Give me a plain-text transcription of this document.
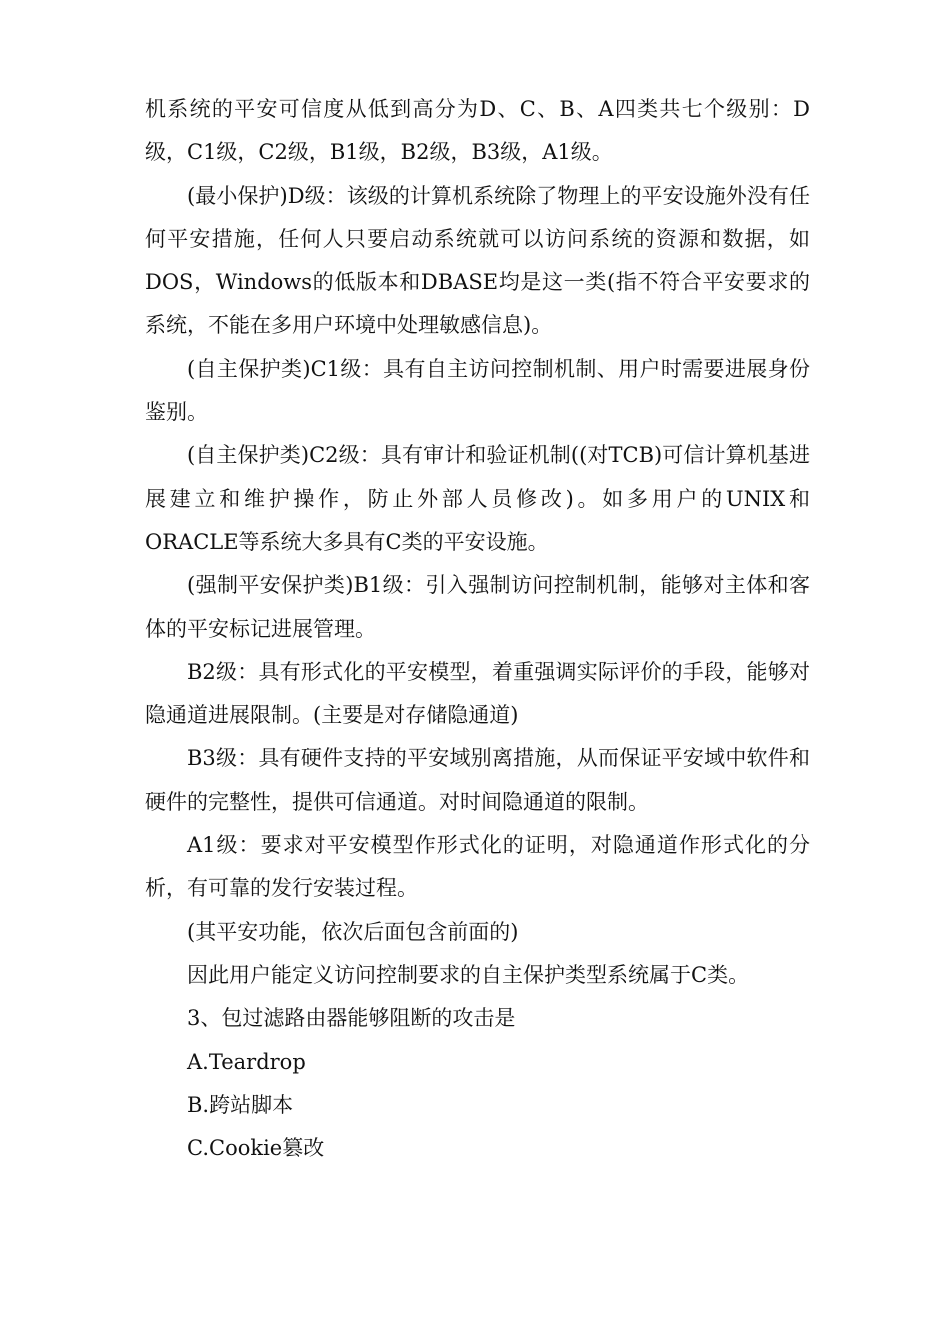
机系统的平安可信度从低到高分为D、C、B、A四类共七个级别：D级，C1级，C2级，B1级，B2级，B3级，A1级。

(最小保护)D级：该级的计算机系统除了物理上的平安设施外没有任何平安措施，任何人只要启动系统就可以访问系统的资源和数据，如DOS，Windows的低版本和DBASE均是这一类(指不符合平安要求的系统，不能在多用户环境中处理敏感信息)。

(自主保护类)C1级：具有自主访问控制机制、用户时需要进展身份鉴别。

(自主保护类)C2级：具有审计和验证机制((对TCB)可信计算机基进展建立和维护操作，防止外部人员修改)。如多用户的UNIX和ORACLE等系统大多具有C类的平安设施。

(强制平安保护类)B1级：引入强制访问控制机制，能够对主体和客体的平安标记进展管理。

B2级：具有形式化的平安模型，着重强调实际评价的手段，能够对隐通道进展限制。(主要是对存储隐通道)

B3级：具有硬件支持的平安域别离措施，从而保证平安域中软件和硬件的完整性，提供可信通道。对时间隐通道的限制。

A1级：要求对平安模型作形式化的证明，对隐通道作形式化的分析，有可靠的发行安装过程。

(其平安功能，依次后面包含前面的)

因此用户能定义访问控制要求的自主保护类型系统属于C类。

3、包过滤路由器能够阻断的攻击是

A.Teardrop

B.跨站脚本

C.Cookie篡改
